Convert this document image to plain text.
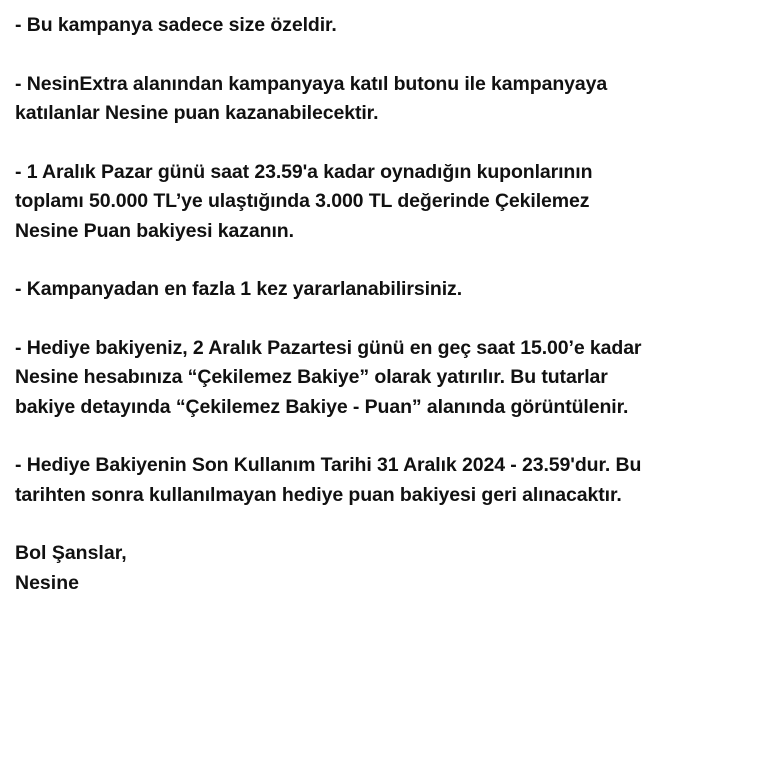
- Bu kampanya sadece size özeldir.

- NesinExtra alanından kampanyaya katıl butonu ile kampanyaya
katılanlar Nesine puan kazanabilecektir.

- 1 Aralık Pazar günü saat 23.59'a kadar oynadığın kuponlarının
toplamı 50.000 TL’ye ulaştığında 3.000 TL değerinde Çekilemez
Nesine Puan bakiyesi kazanın.

- Kampanyadan en fazla 1 kez yararlanabilirsiniz.

- Hediye bakiyeniz, 2 Aralık Pazartesi günü en geç saat 15.00’e kadar
Nesine hesabınıza “Çekilemez Bakiye” olarak yatırılır. Bu tutarlar
bakiye detayında “Çekilemez Bakiye - Puan” alanında görüntülenir.

- Hediye Bakiyenin Son Kullanım Tarihi 31 Aralık 2024 - 23.59'dur. Bu
tarihten sonra kullanılmayan hediye puan bakiyesi geri alınacaktır.

Bol Şanslar,
Nesine
